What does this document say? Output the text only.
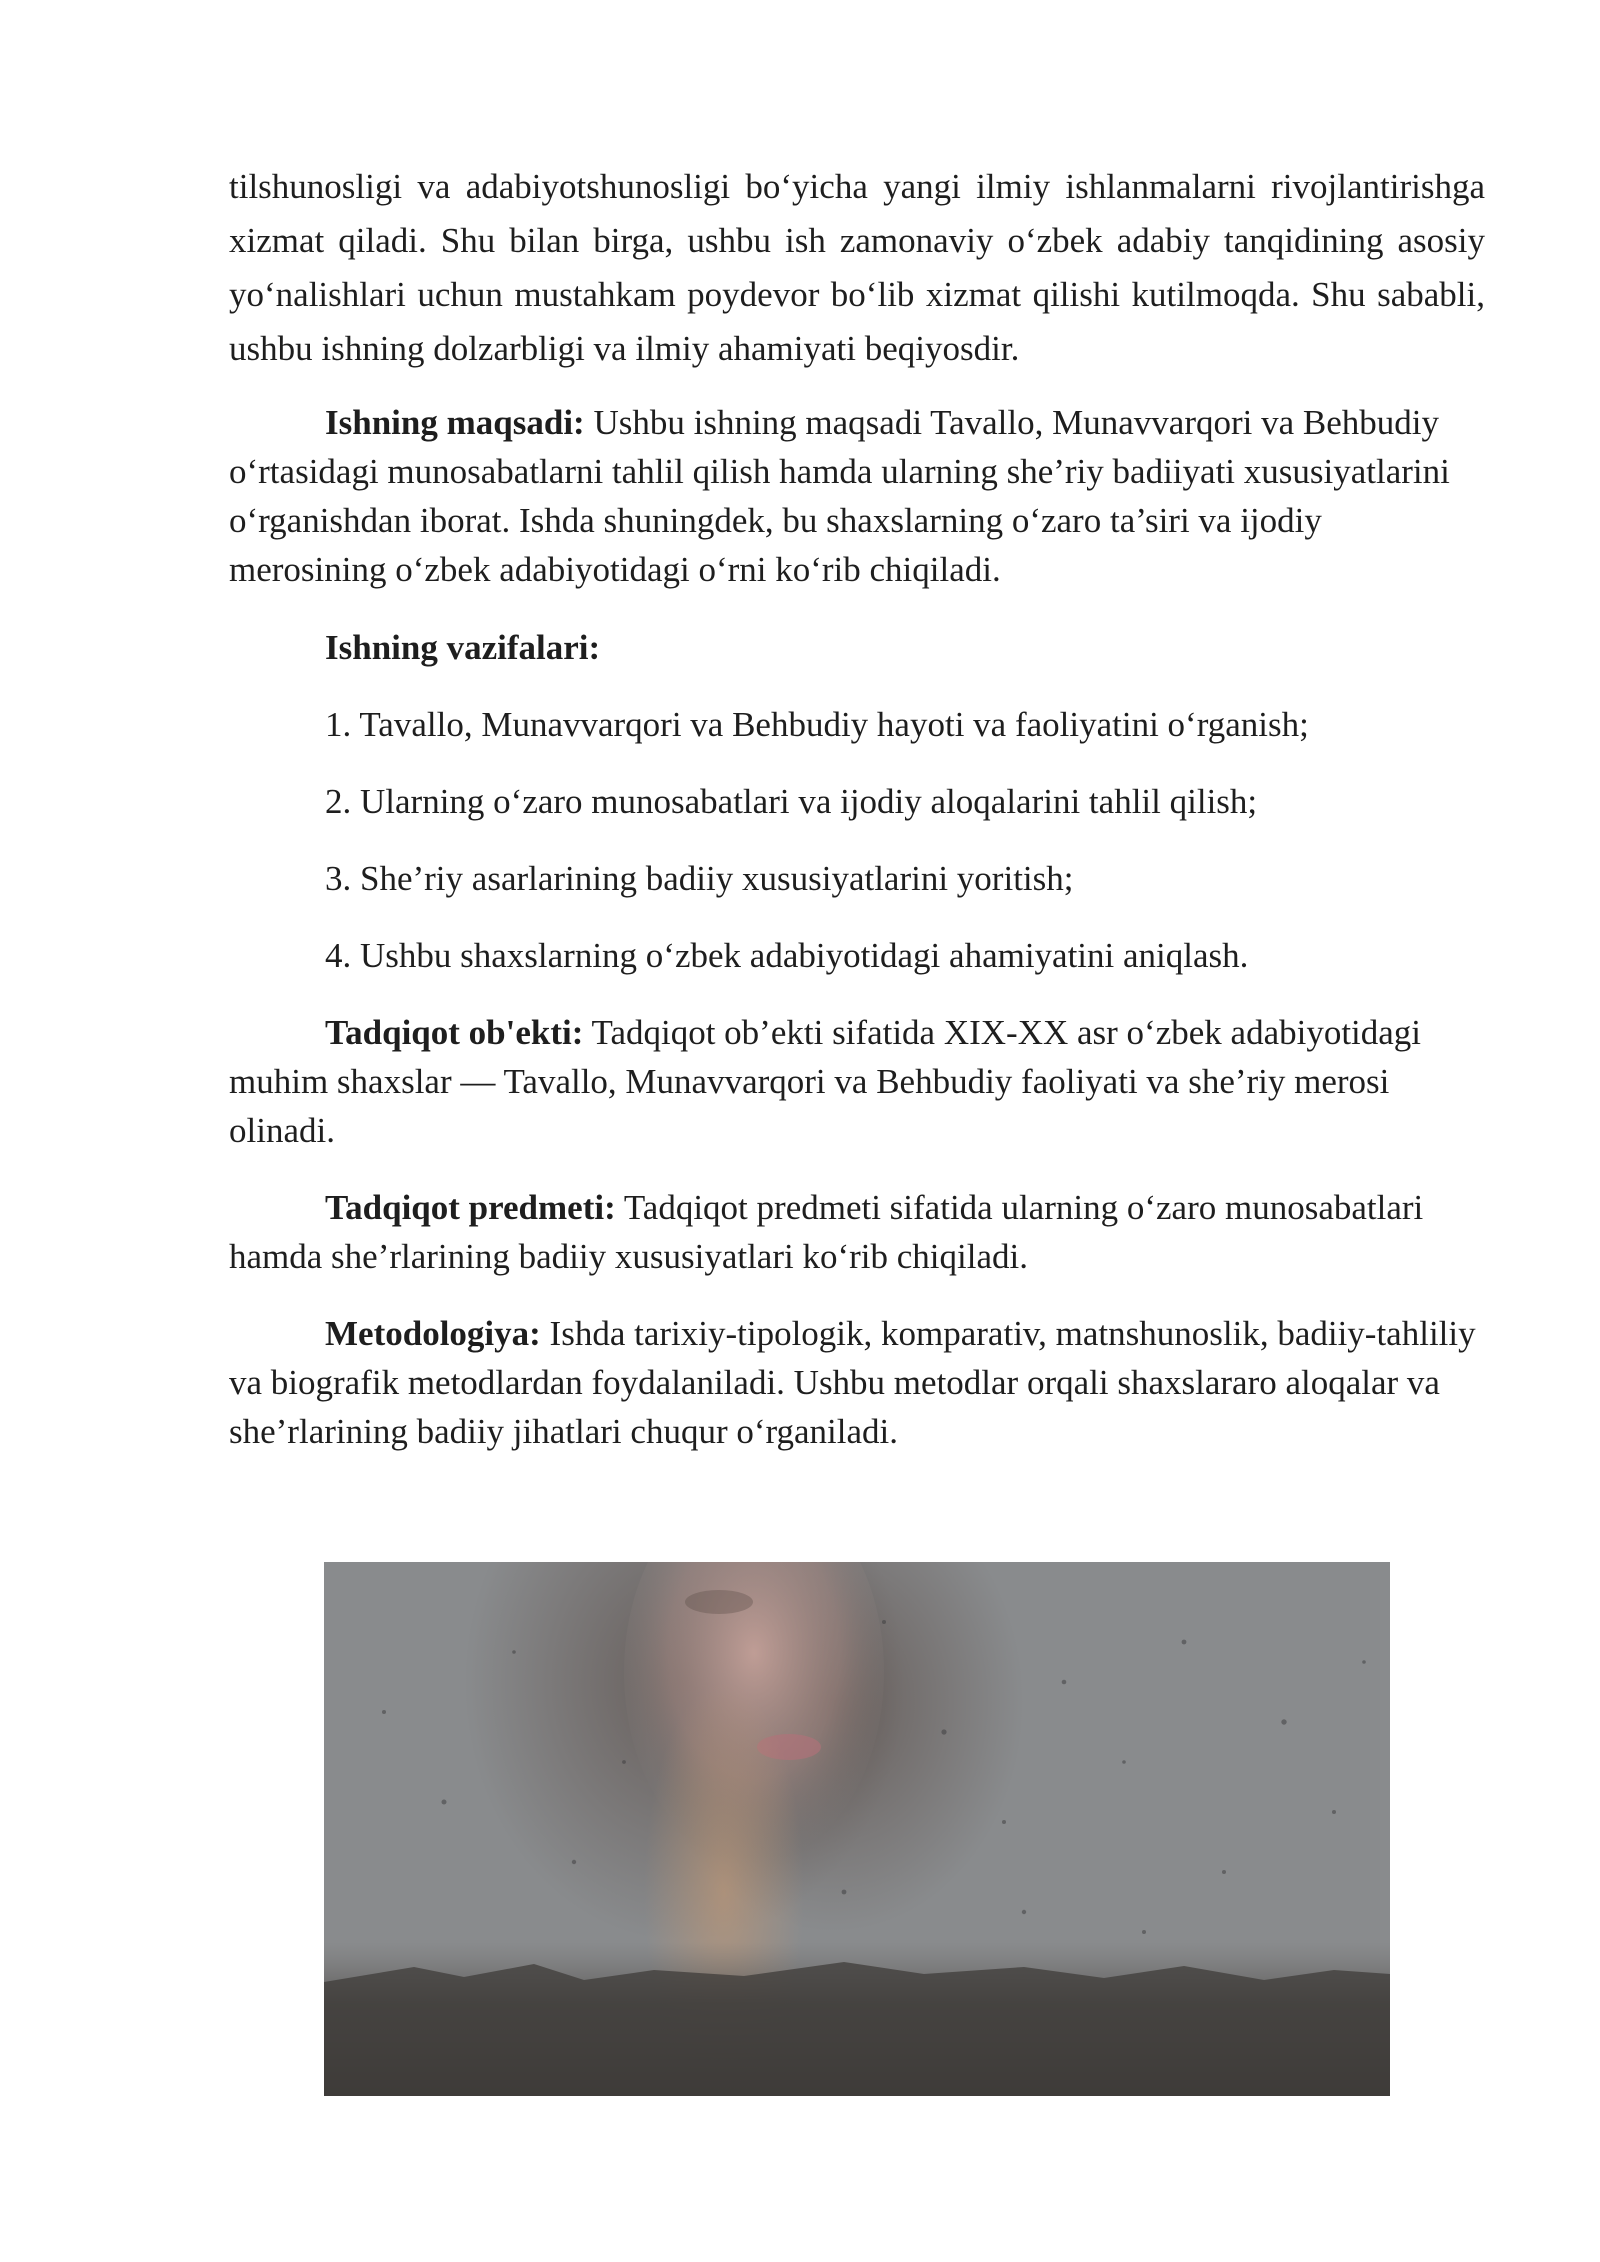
tilshunosligi va adabiyotshunosligi bo‘yicha yangi ilmiy ishlanmalarni rivojlantirishga xizmat qiladi. Shu bilan birga, ushbu ish zamonaviy o‘zbek adabiy tanqidining asosiy yo‘nalishlari uchun mustahkam poydevor bo‘lib xizmat qilishi kutilmoqda. Shu sababli, ushbu ishning dolzarbligi va ilmiy ahamiyati beqiyosdir.

Ishning maqsadi: Ushbu ishning maqsadi Tavallo, Munavvarqori va Behbudiy o‘rtasidagi munosabatlarni tahlil qilish hamda ularning she’riy badiiyati xususiyatlarini o‘rganishdan iborat. Ishda shuningdek, bu shaxslarning o‘zaro ta’siri va ijodiy merosining o‘zbek adabiyotidagi o‘rni ko‘rib chiqiladi.

Ishning vazifalari:

1. Tavallo, Munavvarqori va Behbudiy hayoti va faoliyatini o‘rganish;

2. Ularning o‘zaro munosabatlari va ijodiy aloqalarini tahlil qilish;

3. She’riy asarlarining badiiy xususiyatlarini yoritish;

4. Ushbu shaxslarning o‘zbek adabiyotidagi ahamiyatini aniqlash.

Tadqiqot ob'ekti: Tadqiqot ob’ekti sifatida XIX-XX asr o‘zbek adabiyotidagi muhim shaxslar — Tavallo, Munavvarqori va Behbudiy faoliyati va she’riy merosi olinadi.

Tadqiqot predmeti: Tadqiqot predmeti sifatida ularning o‘zaro munosabatlari hamda she’rlarining badiiy xususiyatlari ko‘rib chiqiladi.

Metodologiya: Ishda tarixiy-tipologik, komparativ, matnshunoslik, badiiy-tahliliy va biografik metodlardan foydalaniladi. Ushbu metodlar orqali shaxslararo aloqalar va she’rlarining badiiy jihatlari chuqur o‘rganiladi.
